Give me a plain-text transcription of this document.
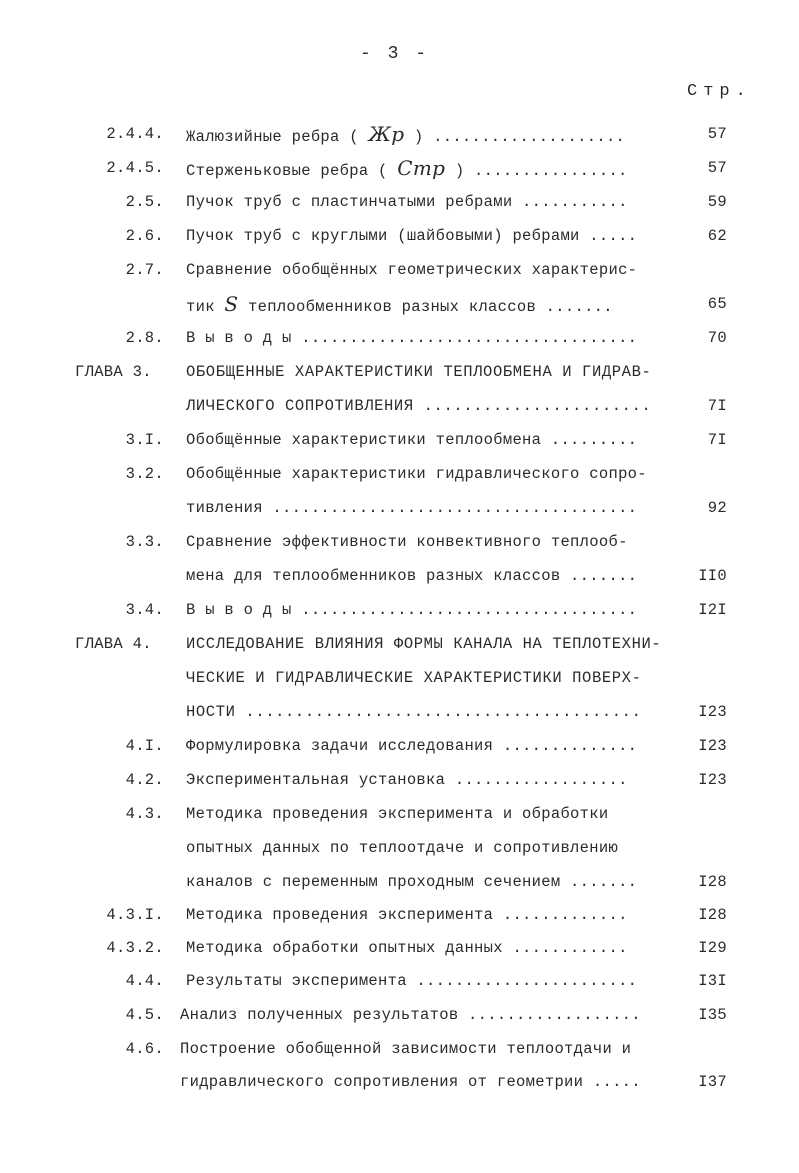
- 3 -
Стр.
2.4.4. Жалюзийные ребра ( Жр ) ....................	57
2.4.5. Стерженьковые ребра ( Стр ) ................	57
2.5. Пучок труб с пластинчатыми ребрами ...........	59
2.6. Пучок труб с круглыми (шайбовыми) ребрами .....	62
2.7. Сравнение обобщённых геометрических характерис-
тик S теплообменников разных классов .......	65
2.8. В ы в о д ы ...................................	70
ГЛАВА 3. ОБОБЩЕННЫЕ ХАРАКТЕРИСТИКИ ТЕПЛООБМЕНА И ГИДРАВ-
ЛИЧЕСКОГО СОПРОТИВЛЕНИЯ .......................	7I
3.I. Обобщённые характеристики теплообмена .........	7I
3.2. Обобщённые характеристики гидравлического сопро-
тивления ......................................	92
3.3. Сравнение эффективности конвективного теплооб-
мена для теплообменников разных классов .......	II0
3.4. В ы в о д ы ...................................	I2I
ГЛАВА 4. ИССЛЕДОВАНИЕ ВЛИЯНИЯ ФОРМЫ КАНАЛА НА ТЕПЛОТЕХНИ-
ЧЕСКИЕ И ГИДРАВЛИЧЕСКИЕ ХАРАКТЕРИСТИКИ ПОВЕРХ-
НОСТИ ........................................	I23
4.I. Формулировка задачи исследования ..............	I23
4.2. Экспериментальная установка ..................	I23
4.3. Методика проведения эксперимента и обработки
опытных данных по теплоотдаче и сопротивлению
каналов с переменным проходным сечением .......	I28
4.3.I. Методика проведения эксперимента .............	I28
4.3.2. Методика обработки опытных данных ............	I29
4.4. Результаты эксперимента .......................	I3I
4.5. Анализ полученных результатов ..................	I35
4.6. Построение обобщенной зависимости теплоотдачи и
гидравлического сопротивления от геометрии .....	I37
